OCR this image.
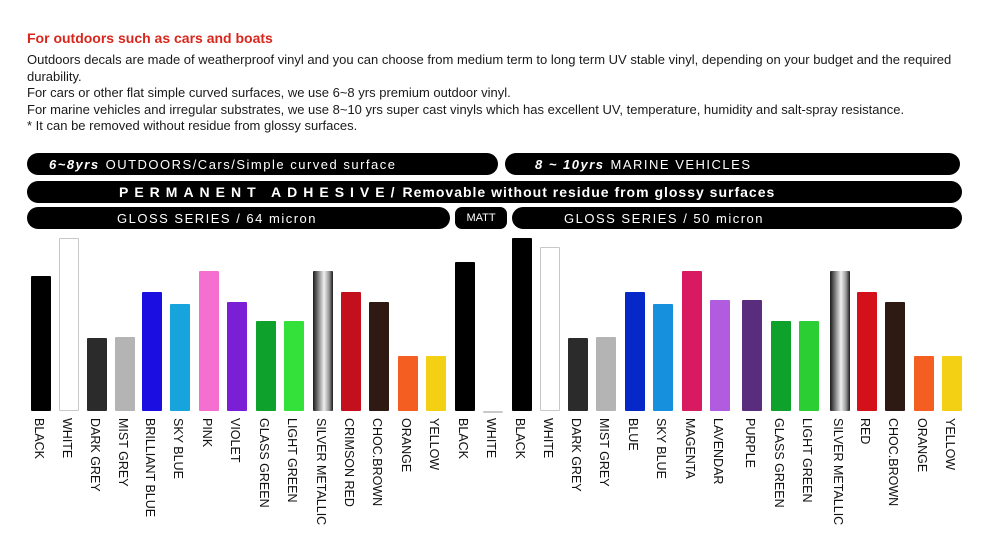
For outdoors such as cars and boats

Outdoors decals are made of weatherproof vinyl and you can choose from medium term to long term UV stable vinyl, depending on your budget and the required durability.

For cars or other flat simple curved surfaces, we use 6~8 yrs premium outdoor vinyl.

For marine vehicles and irregular substrates, we use 8~10 yrs super cast vinyls which has excellent UV, temperature, humidity and salt-spray resistance.

* It can be removed without residue from glossy surfaces.

6~8yrs OUTDOORS/Cars/Simple curved surface	8 ~ 10yrs MARINE VEHICLES
PERMANENT ADHESIVE/ Removable without residue from glossy surfaces
GLOSS SERIES / 64 micron	MATT	GLOSS SERIES / 50 micron
BLACK WHITE DARK GREY MIST GREY BRILLIANT BLUE SKY BLUE PINK VIOLET GLASS GREEN LIGHT GREEN SILVER METALLIC CRIMSON RED CHOC.BROWN ORANGE YELLOW BLACK WHITE BLACK WHITE DARK GREY MIST GREY BLUE SKY BLUE MAGENTA LAVENDAR PURPLE GLASS GREEN LIGHT GREEN SILVER METALLIC RED CHOC.BROWN ORANGE YELLOW
